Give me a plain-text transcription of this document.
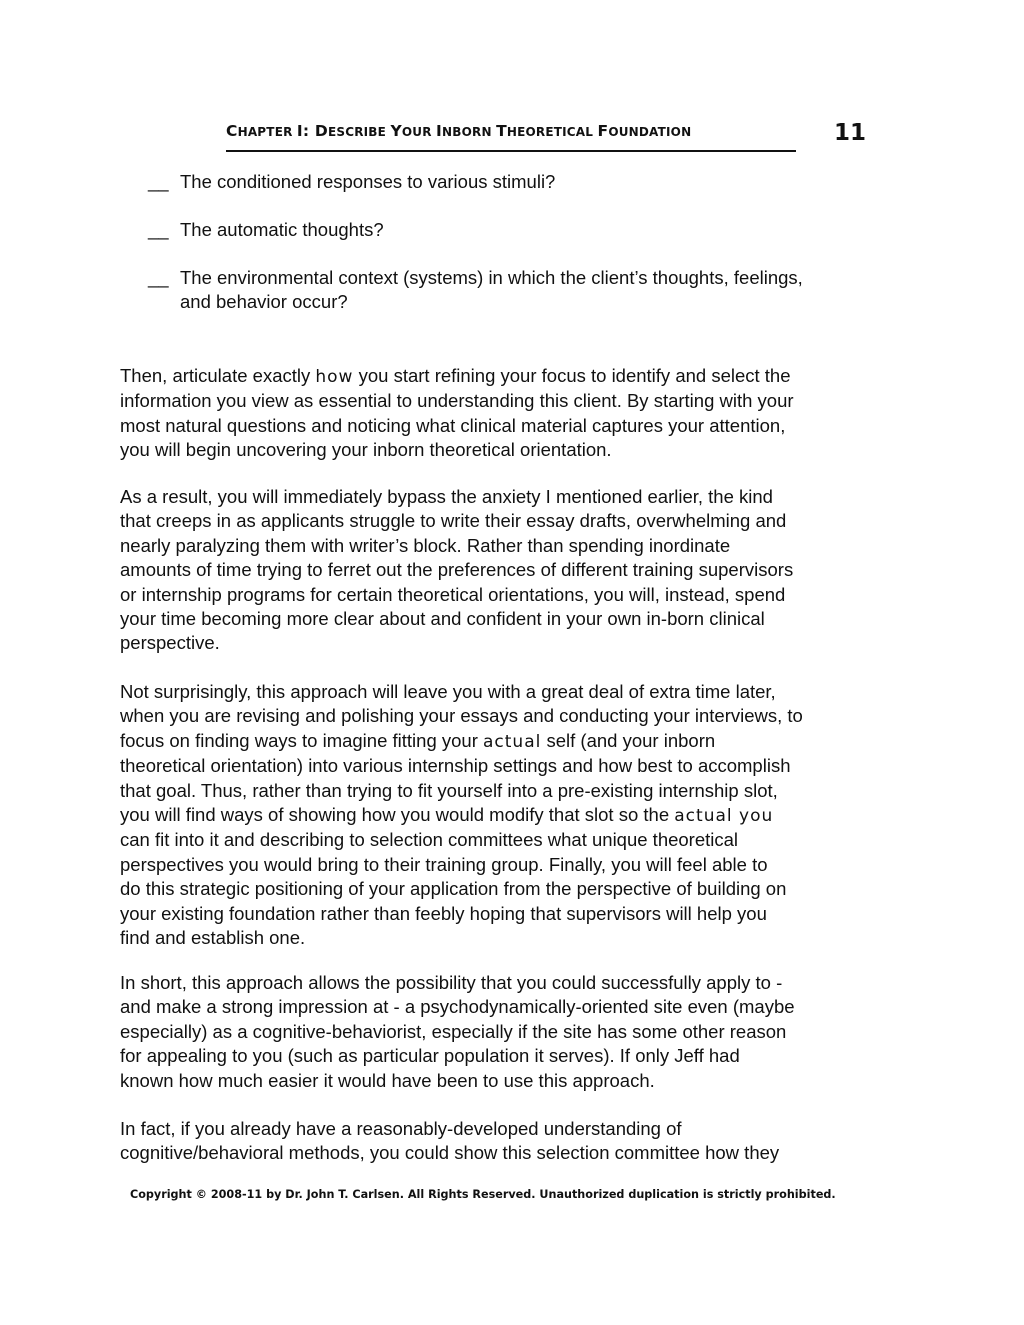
CHAPTER I: DESCRIBE YOUR INBORN THEORETICAL FOUNDATION	11
__ The conditioned responses to various stimuli?
__ The automatic thoughts?
__ The environmental context (systems) in which the client’s thoughts, feelings,
and behavior occur?

Then, articulate exactly how you start refining your focus to identify and select the
information you view as essential to understanding this client. By starting with your
most natural questions and noticing what clinical material captures your attention,
you will begin uncovering your inborn theoretical orientation.

As a result, you will immediately bypass the anxiety I mentioned earlier, the kind
that creeps in as applicants struggle to write their essay drafts, overwhelming and
nearly paralyzing them with writer’s block. Rather than spending inordinate
amounts of time trying to ferret out the preferences of different training supervisors
or internship programs for certain theoretical orientations, you will, instead, spend
your time becoming more clear about and confident in your own in-born clinical
perspective.

Not surprisingly, this approach will leave you with a great deal of extra time later,
when you are revising and polishing your essays and conducting your interviews, to
focus on finding ways to imagine fitting your actual self (and your inborn
theoretical orientation) into various internship settings and how best to accomplish
that goal. Thus, rather than trying to fit yourself into a pre-existing internship slot,
you will find ways of showing how you would modify that slot so the actual you
can fit into it and describing to selection committees what unique theoretical
perspectives you would bring to their training group. Finally, you will feel able to
do this strategic positioning of your application from the perspective of building on
your existing foundation rather than feebly hoping that supervisors will help you
find and establish one.

In short, this approach allows the possibility that you could successfully apply to -
and make a strong impression at - a psychodynamically-oriented site even (maybe
especially) as a cognitive-behaviorist, especially if the site has some other reason
for appealing to you (such as particular population it serves). If only Jeff had
known how much easier it would have been to use this approach.

In fact, if you already have a reasonably-developed understanding of
cognitive/behavioral methods, you could show this selection committee how they

Copyright © 2008-11 by Dr. John T. Carlsen. All Rights Reserved. Unauthorized duplication is strictly prohibited.
